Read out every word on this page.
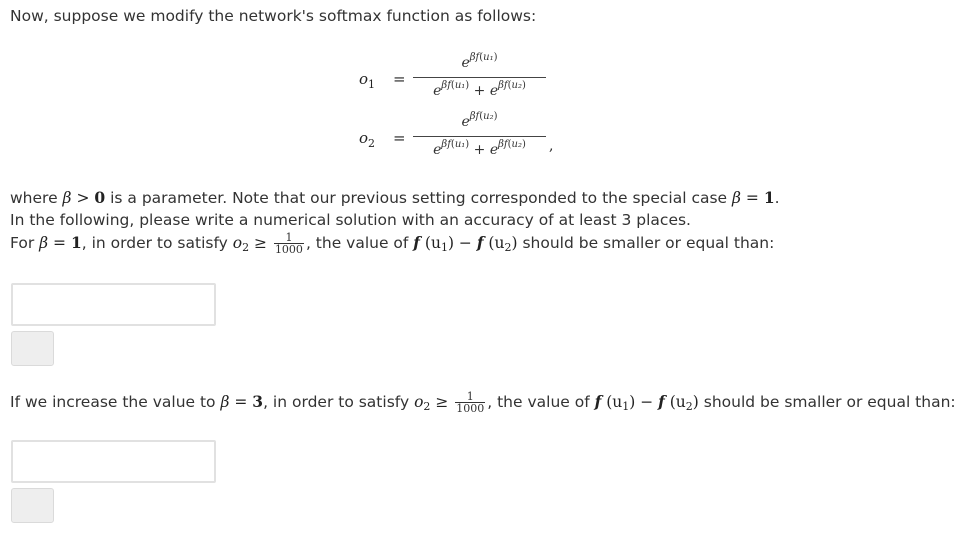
Now, suppose we modify the network's softmax function as follows:
$o_1$ =
$e^{\beta f(u_1)}$
$e^{\beta f(u_1)} + e^{\beta f(u_2)}$
$o_2$ =
$e^{\beta f(u_2)}$
$e^{\beta f(u_1)} + e^{\beta f(u_2)}$	,
where β > 0 is a parameter. Note that our previous setting corresponded to the special case β = 1.
In the following, please write a numerical solution with an accuracy of at least 3 places.
For β = 1, in order to satisfy $o_2 \ge \frac{1}{1000}$ , the value of f $(u_1) - f$ $(u_2)$ should be smaller or equal than:
If we increase the value to β = 3, in order to satisfy $o_2 \ge \frac{1}{1000}$ , the value of f $(u_1) - f$ $(u_2)$ should be smaller or equal than:
